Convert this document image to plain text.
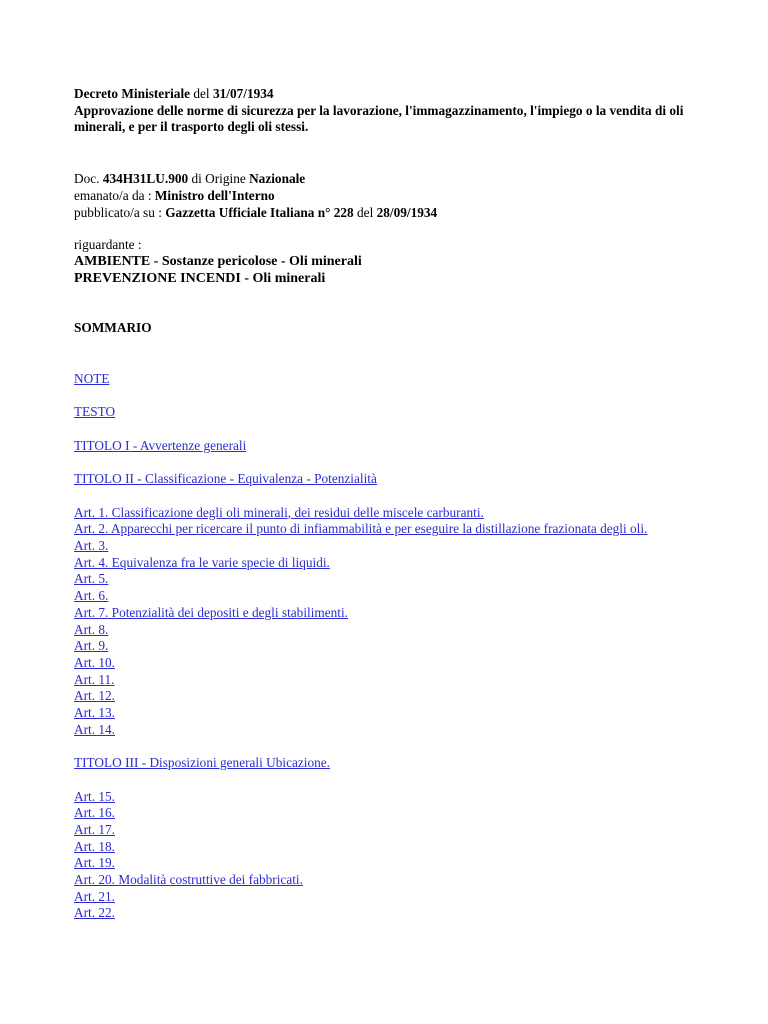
Decreto Ministeriale del 31/07/1934
Approvazione delle norme di sicurezza per la lavorazione, l'immagazzinamento, l'impiego o la vendita di oli minerali, e per il trasporto degli oli stessi.
Doc. 434H31LU.900 di Origine Nazionale
emanato/a da : Ministro dell'Interno
pubblicato/a su : Gazzetta Ufficiale Italiana n° 228 del 28/09/1934
riguardante :
AMBIENTE - Sostanze pericolose - Oli minerali
PREVENZIONE INCENDI - Oli minerali
SOMMARIO
NOTE
TESTO
TITOLO I - Avvertenze generali
TITOLO II - Classificazione - Equivalenza - Potenzialità
Art. 1. Classificazione degli oli minerali, dei residui delle miscele carburanti.
Art. 2. Apparecchi per ricercare il punto di infiammabilità e per eseguire la distillazione frazionata degli oli.
Art. 3.
Art. 4. Equivalenza fra le varie specie di liquidi.
Art. 5.
Art. 6.
Art. 7. Potenzialità dei depositi e degli stabilimenti.
Art. 8.
Art. 9.
Art. 10.
Art. 11.
Art. 12.
Art. 13.
Art. 14.
TITOLO III - Disposizioni generali Ubicazione.
Art. 15.
Art. 16.
Art. 17.
Art. 18.
Art. 19.
Art. 20. Modalità costruttive dei fabbricati.
Art. 21.
Art. 22.
